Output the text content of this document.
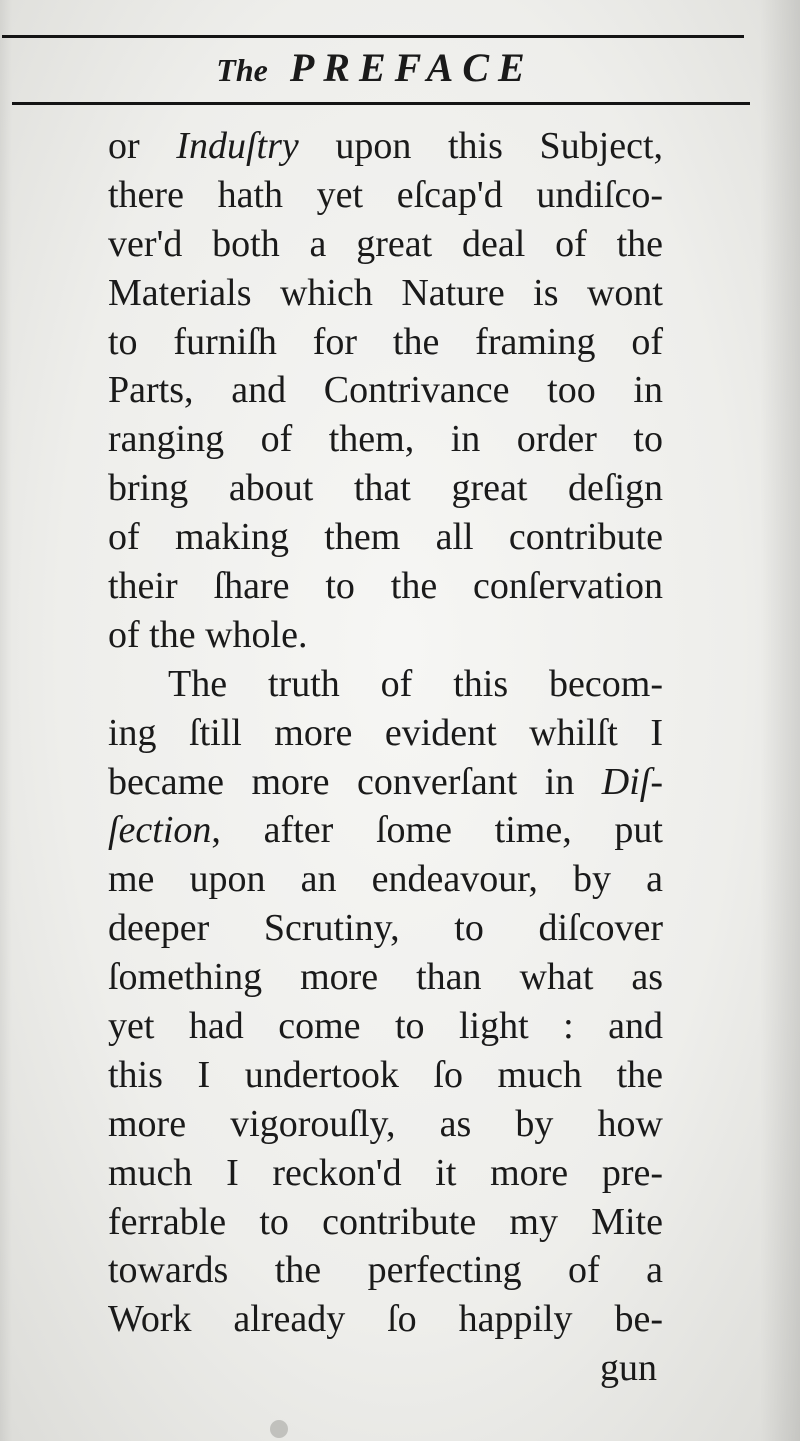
The PREFACE
or Induſtry upon this Subject,
there hath yet eſcap'd undiſco-
ver'd both a great deal of the
Materials which Nature is wont
to furniſh for the framing of
Parts, and Contrivance too in
ranging of them, in order to
bring about that great deſign
of making them all contribute
their ſhare to the conſervation
of the whole.
The truth of this becom-
ing ſtill more evident whilſt I
became more converſant in Diſ-
ſection, after ſome time, put
me upon an endeavour, by a
deeper Scrutiny, to diſcover
ſomething more than what as
yet had come to light : and
this I undertook ſo much the
more vigorouſly, as by how
much I reckon'd it more pre-
ferrable to contribute my Mite
towards the perfecting of a
Work already ſo happily be-
gun
